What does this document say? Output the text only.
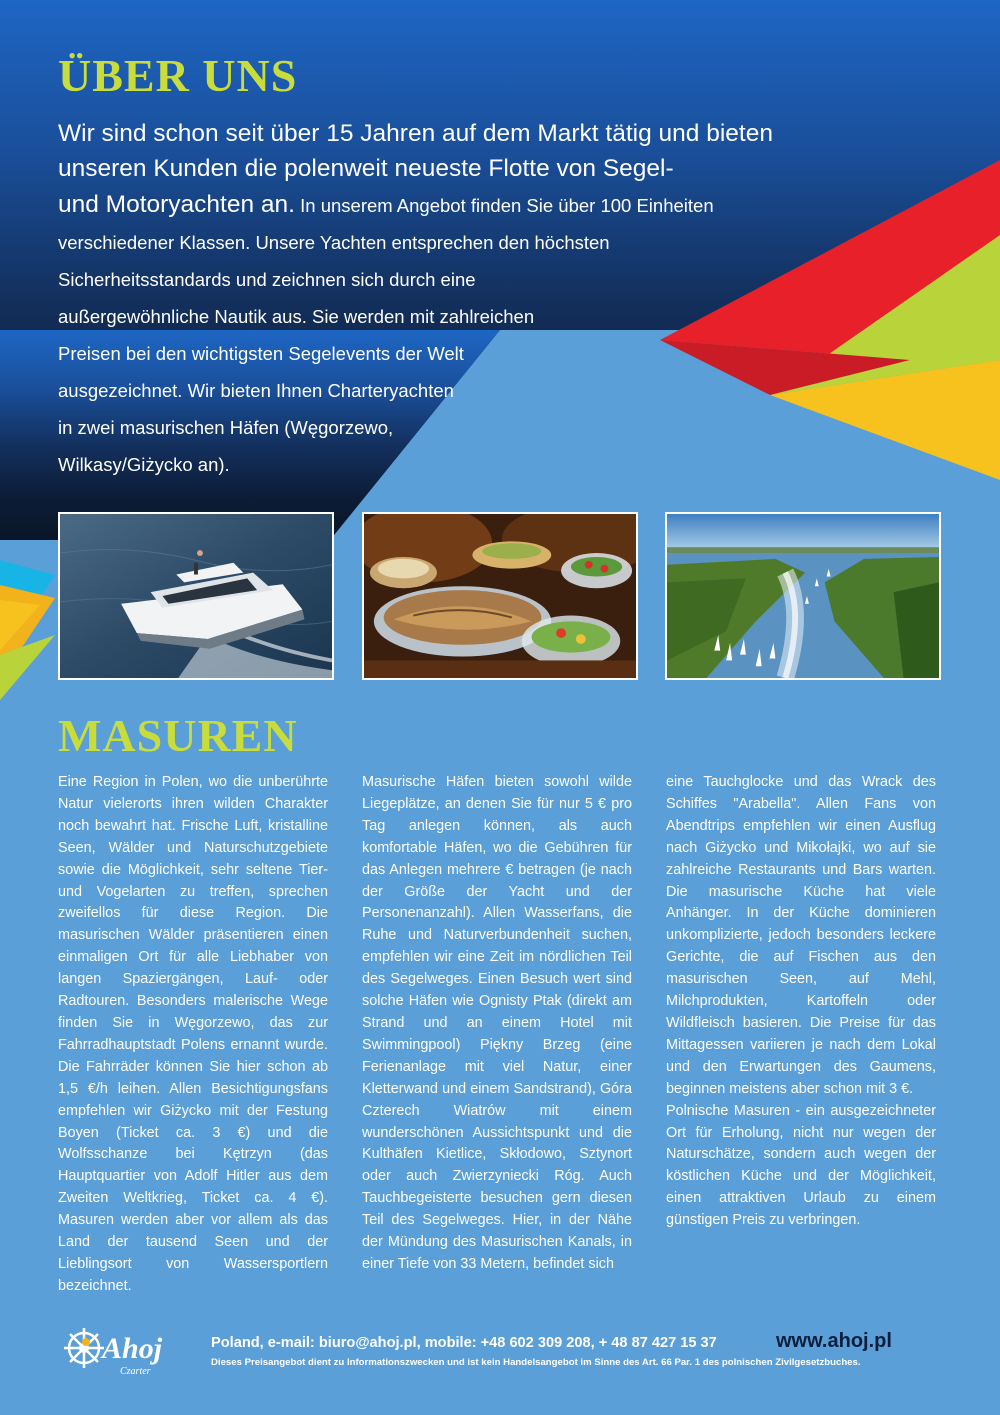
ÜBER UNS
Wir sind schon seit über 15 Jahren auf dem Markt tätig und bieten
unseren Kunden die polenweit neueste Flotte von Segel-
und Motoryachten an. In unserem Angebot finden Sie über 100 Einheiten
verschiedener Klassen. Unsere Yachten entsprechen den höchsten
Sicherheitsstandards und zeichnen sich durch eine
außergewöhnliche Nautik aus. Sie werden mit zahlreichen
Preisen bei den wichtigsten Segelevents der Welt
ausgezeichnet. Wir bieten Ihnen Charteryachten
in zwei masurischen Häfen (Węgorzewo,
Wilkasy/Giżycko an).
MASUREN

Eine Region in Polen, wo die unberührte Natur vielerorts ihren wilden Charakter noch bewahrt hat. Frische Luft, kristalline Seen, Wälder und Naturschutzgebiete sowie die Möglichkeit, sehr seltene Tier- und Vogelarten zu treffen, sprechen zweifellos für diese Region. Die masurischen Wälder präsentieren einen einmaligen Ort für alle Liebhaber von langen Spaziergängen, Lauf- oder Radtouren. Besonders malerische Wege finden Sie in Węgorzewo, das zur Fahrradhauptstadt Polens ernannt wurde. Die Fahrräder können Sie hier schon ab 1,5 €/h leihen. Allen Besichtigungsfans empfehlen wir Giżycko mit der Festung Boyen (Ticket ca. 3 €) und die Wolfsschanze bei Kętrzyn (das Hauptquartier von Adolf Hitler aus dem Zweiten Weltkrieg, Ticket ca. 4 €). Masuren werden aber vor allem als das Land der tausend Seen und der Lieblingsort von Wassersportlern bezeichnet.

Masurische Häfen bieten sowohl wilde Liegeplätze, an denen Sie für nur 5 € pro Tag anlegen können, als auch komfortable Häfen, wo die Gebühren für das Anlegen mehrere € betragen (je nach der Größe der Yacht und der Personenanzahl). Allen Wasserfans, die Ruhe und Naturverbundenheit suchen, empfehlen wir eine Zeit im nördlichen Teil des Segelweges. Einen Besuch wert sind solche Häfen wie Ognisty Ptak (direkt am Strand und an einem Hotel mit Swimmingpool) Piękny Brzeg (eine Ferienanlage mit viel Natur, einer Kletterwand und einem Sandstrand), Góra Czterech Wiatrów mit einem wunderschönen Aussichtspunkt und die Kulthäfen Kietlice, Skłodowo, Sztynort oder auch Zwierzyniecki Róg. Auch Tauchbegeisterte besuchen gern diesen Teil des Segelweges. Hier, in der Nähe der Mündung des Masurischen Kanals, in einer Tiefe von 33 Metern, befindet sich

eine Tauchglocke und das Wrack des Schiffes "Arabella". Allen Fans von Abendtrips empfehlen wir einen Ausflug nach Giżycko und Mikołajki, wo auf sie zahlreiche Restaurants und Bars warten. Die masurische Küche hat viele Anhänger. In der Küche dominieren unkomplizierte, jedoch besonders leckere Gerichte, die auf Fischen aus den masurischen Seen, auf Mehl, Milchprodukten, Kartoffeln oder Wildfleisch basieren. Die Preise für das Mittagessen variieren je nach dem Lokal und den Erwartungen des Gaumens, beginnen meistens aber schon mit 3 €.

Polnische Masuren - ein ausgezeichneter Ort für Erholung, nicht nur wegen der Naturschätze, sondern auch wegen der köstlichen Küche und der Möglichkeit, einen attraktiven Urlaub zu einem günstigen Preis zu verbringen.

Ahoj
Czarter
Poland, e-mail: biuro@ahoj.pl, mobile: +48 602 309 208, + 48 87 427 15 37	www.ahoj.pl
Dieses Preisangebot dient zu Informationszwecken und ist kein Handelsangebot im Sinne des Art. 66 Par. 1 des polnischen Zivilgesetzbuches.
